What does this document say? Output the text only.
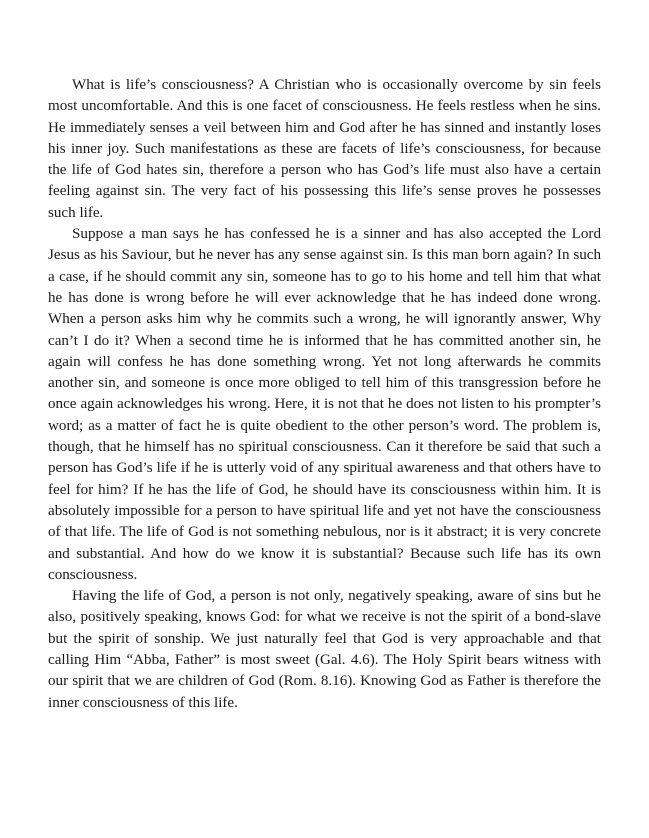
What is life’s consciousness? A Christian who is occasionally overcome by sin feels most uncomfortable. And this is one facet of consciousness. He feels restless when he sins. He immediately senses a veil between him and God after he has sinned and instantly loses his inner joy. Such manifestations as these are facets of life’s consciousness, for because the life of God hates sin, therefore a person who has God’s life must also have a certain feeling against sin. The very fact of his possessing this life’s sense proves he possesses such life.

Suppose a man says he has confessed he is a sinner and has also accepted the Lord Jesus as his Saviour, but he never has any sense against sin. Is this man born again? In such a case, if he should commit any sin, someone has to go to his home and tell him that what he has done is wrong before he will ever acknowledge that he has indeed done wrong. When a person asks him why he commits such a wrong, he will ignorantly answer, Why can’t I do it? When a second time he is informed that he has committed another sin, he again will confess he has done something wrong. Yet not long afterwards he commits another sin, and someone is once more obliged to tell him of this transgression before he once again acknowledges his wrong. Here, it is not that he does not listen to his prompter’s word; as a matter of fact he is quite obedient to the other person’s word. The problem is, though, that he himself has no spiritual consciousness. Can it therefore be said that such a person has God’s life if he is utterly void of any spiritual awareness and that others have to feel for him? If he has the life of God, he should have its consciousness within him. It is absolutely impossible for a person to have spiritual life and yet not have the consciousness of that life. The life of God is not something nebulous, nor is it abstract; it is very concrete and substantial. And how do we know it is substantial? Because such life has its own consciousness.

Having the life of God, a person is not only, negatively speaking, aware of sins but he also, positively speaking, knows God: for what we receive is not the spirit of a bond-slave but the spirit of sonship. We just naturally feel that God is very approachable and that calling Him “Abba, Father” is most sweet (Gal. 4.6). The Holy Spirit bears witness with our spirit that we are children of God (Rom. 8.16). Knowing God as Father is therefore the inner consciousness of this life.
